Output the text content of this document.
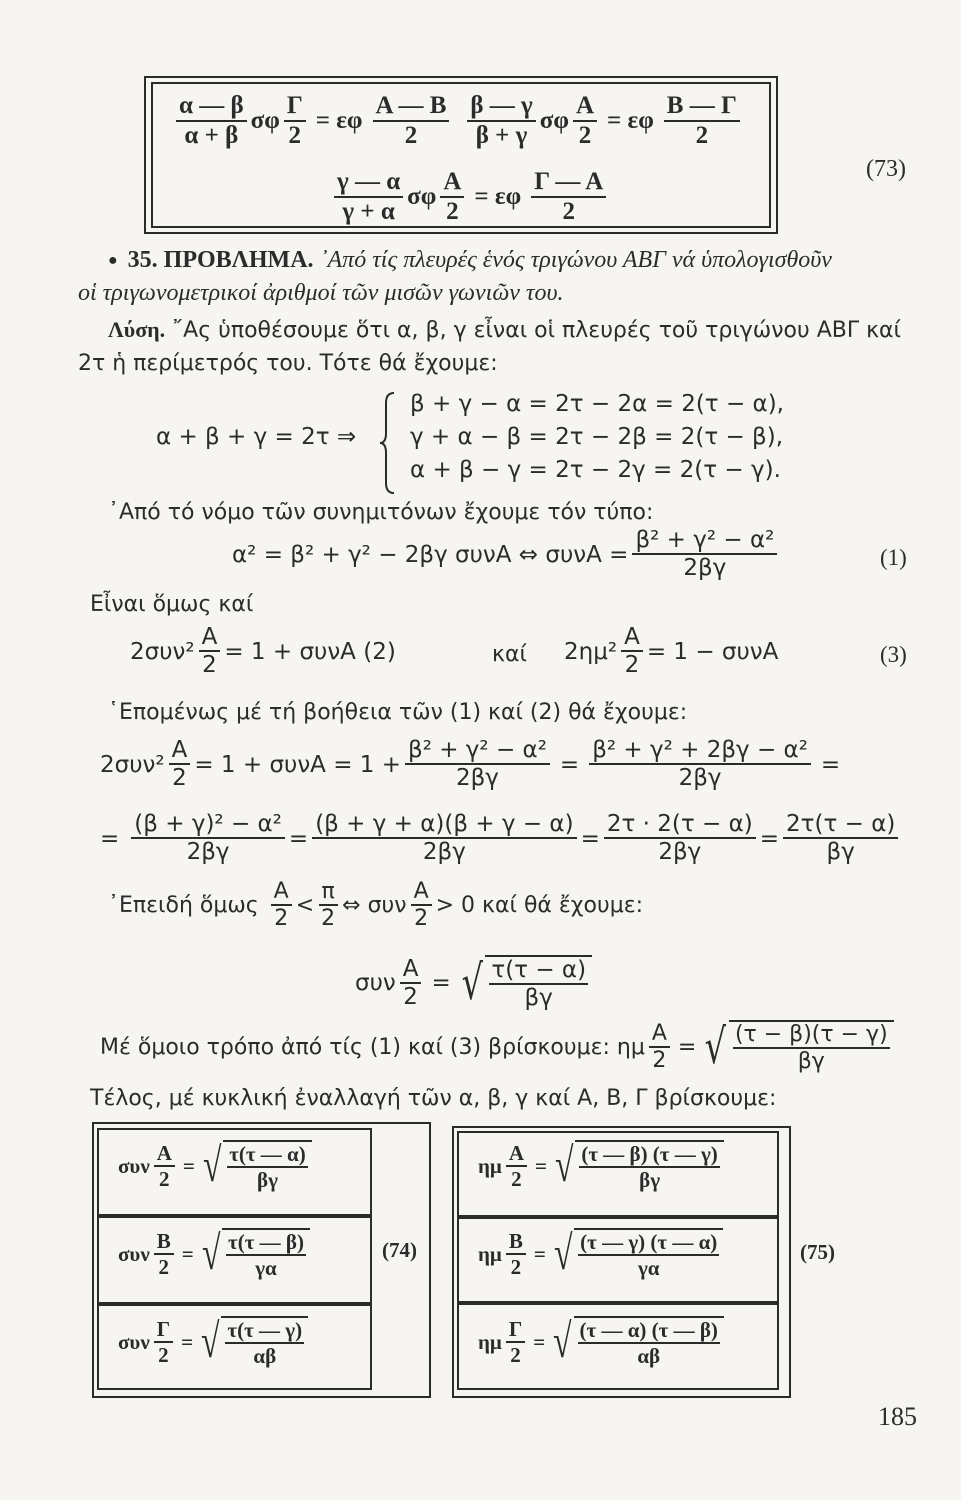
$\frac{\alpha — \beta}{\alpha + \beta}$ σφ $\frac{\Gamma}{2} = \varepsilon\varphi \frac{A — B}{2} \frac{\beta — \gamma}{\beta + \gamma}$ σφ $\frac{A}{2} = \varepsilon\varphi \frac{B — \Gamma}{2}$
$\frac{\gamma — \alpha}{\gamma + \alpha}$ σφ $\frac{A}{2} = \varepsilon\varphi \frac{\Gamma — A}{2}$	(73)
● 35. ΠΡΟΒΛΗΜΑ. ᾽Από τίς πλευρές ἑνός τριγώνου ΑΒΓ νά ὑπολογισθοῦν
οἱ τριγωνομετρικοί ἀριθμοί τῶν μισῶν γωνιῶν του.
Λύση. ῎Ας ὑποθέσουμε ὅτι α, β, γ εἶναι οἱ πλευρές τοῦ τριγώνου ΑΒΓ καί
2τ ἡ περίμετρός του. Τότε θά ἔχουμε:
α + β + γ = 2τ ⇒
β + γ − α = 2τ − 2α = 2(τ − α),
γ + α − β = 2τ − 2β = 2(τ − β),
α + β − γ = 2τ − 2γ = 2(τ − γ).
᾽Από τό νόμο τῶν συνημιτόνων ἔχουμε τόν τύπο:
α² = β² + γ² − 2βγ συνΑ ⇔ $\sigma\upsilon\nu A = \frac{\text{β² + γ² − α²}}{2\beta\gamma}$	(1)
Εἶναι ὅμως καί
$2\sigma\upsilon\nu^2 \frac{A}{2} = 1 + \sigma\upsilon\nu A$ (2)	καί $2\eta\mu^2 \frac{A}{2} = 1 - \sigma\upsilon\nu A$	(3)
῾Επομένως μέ τή βοήθεια τῶν (1) καί (2) θά ἔχουμε:
$2\sigma\upsilon\nu^2 \frac{A}{2} = 1 + \sigma\upsilon\nu A = 1 + \frac{\text{β² + γ² − α²}}{2\beta\gamma} = \frac{\text{β² + γ² + 2βγ − α²}}{2\beta\gamma}$ =
= $\frac{\text{(β + γ)² − α²}}{2\beta\gamma} = \frac{(\beta + \gamma + \alpha)(\beta + \gamma - \alpha)}{2\beta\gamma} = \frac{2\tau \cdot 2(\tau - \alpha)}{2\beta\gamma} = \frac{2\tau(\tau - \alpha)}{\beta\gamma}$
᾽Επειδή ὅμως $\frac{A}{2} < \frac{\pi}{2}$ ⇔ συν $\frac{A}{2} > 0$ καί θά ἔχουμε:
συν $\frac{A}{2}$ = √ $\frac{\tau(\tau - \alpha)}{\beta\gamma}$
Μέ ὅμοιο τρόπο ἀπό τίς (1) καί (3) βρίσκουμε: ημ $\frac{A}{2}$ = √ $\frac{(\tau - \beta)(\tau - \gamma)}{\beta\gamma}$
Τέλος, μέ κυκλική ἐναλλαγή τῶν α, β, γ καί Α, Β, Γ βρίσκουμε:
(74)	(75)
185
συν $\frac{A}{2}$ = √ $\frac{\tau(\tau — \alpha)}{\beta\gamma}$
συν $\frac{B}{2}$ = √ $\frac{\tau(\tau — \beta)}{\gamma\alpha}$
συν $\frac{\Gamma}{2}$ = √ $\frac{\tau(\tau — \gamma)}{\alpha\beta}$
ημ $\frac{A}{2}$ = √ $\frac{(\tau — \beta) (\tau — \gamma)}{\beta\gamma}$
ημ $\frac{B}{2}$ = √ $\frac{(\tau — \gamma) (\tau — \alpha)}{\gamma\alpha}$
ημ $\frac{\Gamma}{2}$ = √ $\frac{(\tau — \alpha) (\tau — \beta)}{\alpha\beta}$
